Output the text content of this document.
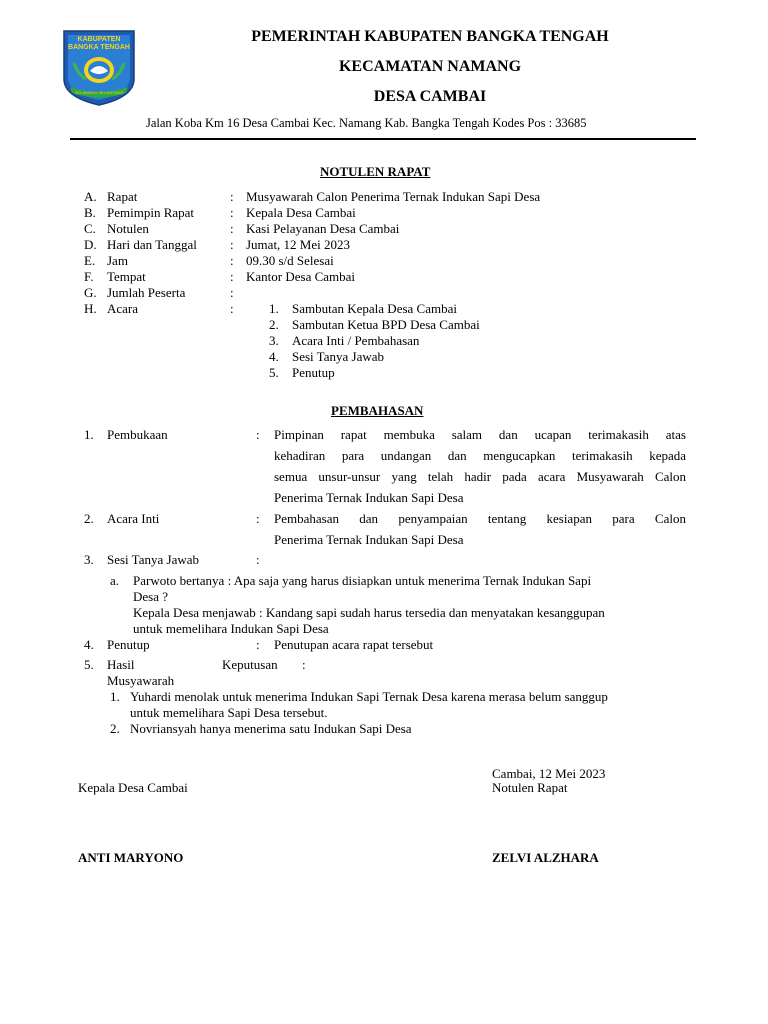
KABUPATEN
BANGKA TENGAH
SELAWANG SEGANTANG
PEMERINTAH KABUPATEN BANGKA TENGAH
KECAMATAN NAMANG
DESA CAMBAI
Jalan Koba Km 16 Desa Cambai Kec. Namang Kab. Bangka Tengah Kodes Pos : 33685
NOTULEN RAPAT
A. Rapat	: Musyawarah Calon Penerima Ternak Indukan Sapi Desa
B. Pemimpin Rapat	: Kepala Desa Cambai
C. Notulen	: Kasi Pelayanan Desa Cambai
D. Hari dan Tanggal	: Jumat, 12 Mei 2023
E. Jam	: 09.30 s/d Selesai
F. Tempat	: Kantor Desa Cambai
G. Jumlah Peserta	:
H. Acara	:	1. Sambutan Kepala Desa Cambai
2. Sambutan Ketua BPD Desa Cambai
3. Acara Inti / Pembahasan
4. Sesi Tanya Jawab
5. Penutup
PEMBAHASAN
1. Pembukaan	: Pimpinan rapat membuka salam dan ucapan terimakasih atas
kehadiran para undangan dan mengucapkan terimakasih kepada
semua unsur-unsur yang telah hadir pada acara Musyawarah Calon
Penerima Ternak Indukan Sapi Desa
2. Acara Inti	: Pembahasan dan penyampaian tentang kesiapan para Calon
Penerima Ternak Indukan Sapi Desa
3. Sesi Tanya Jawab	:
a. Parwoto bertanya : Apa saja yang harus disiapkan untuk menerima Ternak Indukan Sapi
Desa ?
Kepala Desa menjawab : Kandang sapi sudah harus tersedia dan menyatakan kesanggupan
untuk memelihara Indukan Sapi Desa
4. Penutup	: Penutupan acara rapat tersebut
5. Hasil	Keputusan :
Musyawarah
1. Yuhardi menolak untuk menerima Indukan Sapi Ternak Desa karena merasa belum sanggup
untuk memelihara Sapi Desa tersebut.
2. Novriansyah hanya menerima satu Indukan Sapi Desa
Cambai, 12 Mei 2023
Kepala Desa Cambai	Notulen Rapat
ANTI MARYONO	ZELVI ALZHARA
